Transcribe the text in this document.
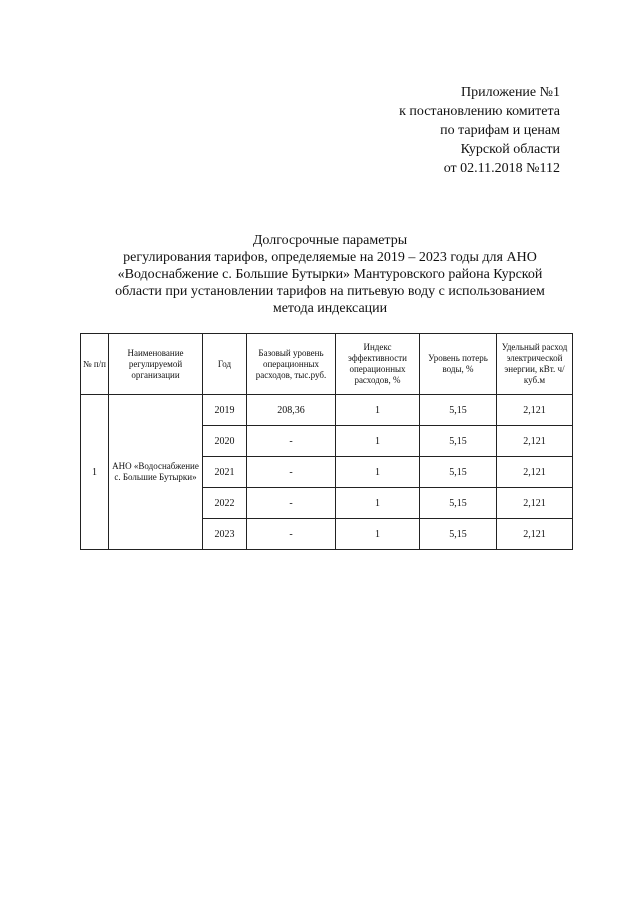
Приложение №1
к постановлению комитета
по тарифам и ценам
Курской области
от 02.11.2018 №112
Долгосрочные параметры
регулирования тарифов, определяемые на 2019 – 2023 годы для АНО
«Водоснабжение с. Большие Бутырки» Мантуровского района Курской
области при установлении тарифов на питьевую воду с использованием
метода индексации
№ п/п	Наименование регулируемой организации	Год	Базовый уровень операционных расходов, тыс.руб.	Индекс эффективности операционных расходов, %	Уровень потерь воды, %	Удельный расход электрической энергии, кВт. ч/куб.м
1	АНО «Водоснабжение с. Большие Бутырки»	2019	208,36	1	5,15	2,121
		2020	-	1	5,15	2,121
		2021	-	1	5,15	2,121
		2022	-	1	5,15	2,121
		2023	-	1	5,15	2,121
